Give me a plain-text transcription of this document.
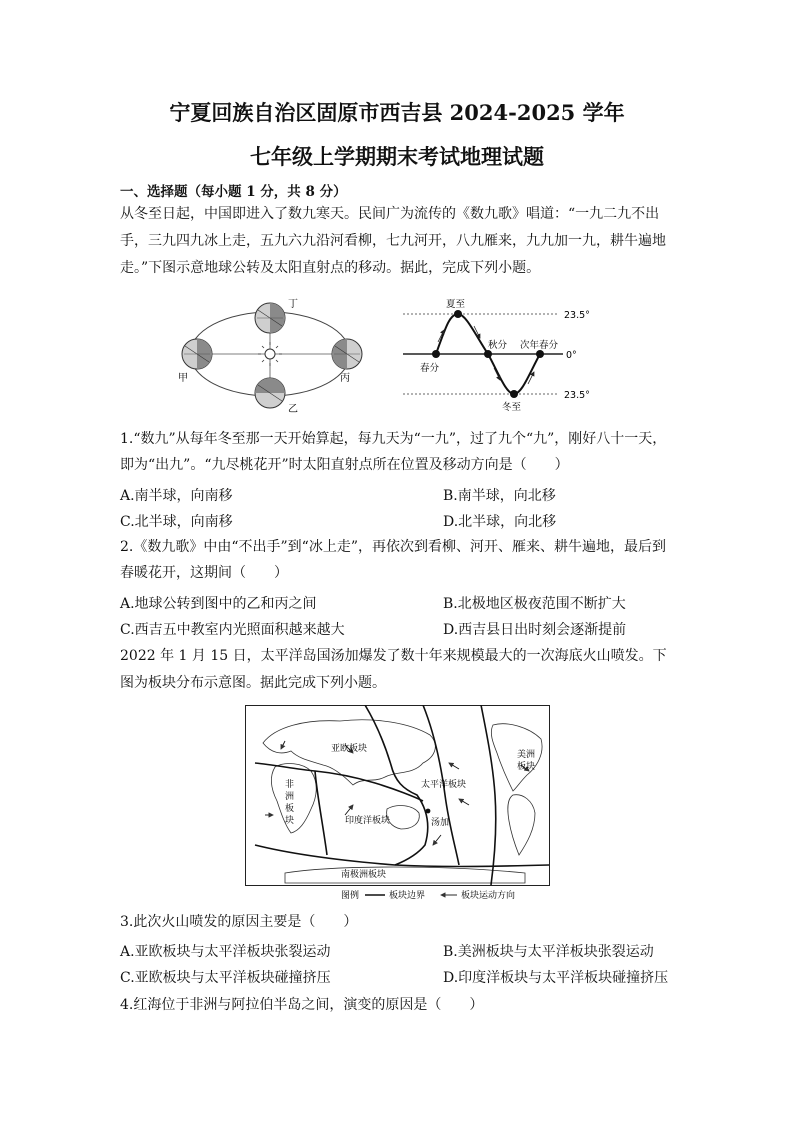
宁夏回族自治区固原市西吉县 2024-2025 学年
七年级上学期期末考试地理试题
一、选择题（每小题 1 分，共 8 分）
从冬至日起，中国即进入了数九寒天。民间广为流传的《数九歌》唱道：“一九二九不出手，三九四九冰上走，五九六九沿河看柳，七九河开，八九雁来，九九加一九，耕牛遍地走。”下图示意地球公转及太阳直射点的移动。据此，完成下列小题。
丁
甲
乙
丙
夏至
春分
秋分 次年春分
冬至
23.5°
0°
23.5°
1.“数九”从每年冬至那一天开始算起，每九天为“一九”，过了九个“九”，刚好八十一天，即为“出九”。“九尽桃花开”时太阳直射点所在位置及移动方向是（　　）
A.南半球，向南移	B.南半球，向北移
C.北半球，向南移	D.北半球，向北移
2.《数九歌》中由“不出手”到“冰上走”，再依次到看柳、河开、雁来、耕牛遍地，最后到春暖花开，这期间（　　）
A.地球公转到图中的乙和丙之间	B.北极地区极夜范围不断扩大
C.西吉五中教室内光照面积越来越大	D.西吉县日出时刻会逐渐提前
2022 年 1 月 15 日，太平洋岛国汤加爆发了数十年来规模最大的一次海底火山喷发。下图为板块分布示意图。据此完成下列小题。
亚欧板块
非
洲
板
块
太平洋板块
美洲
板块
印度洋板块	汤加
南极洲板块
图例	板块边界	板块运动方向
3.此次火山喷发的原因主要是（　　）
A.亚欧板块与太平洋板块张裂运动	B.美洲板块与太平洋板块张裂运动
C.亚欧板块与太平洋板块碰撞挤压	D.印度洋板块与太平洋板块碰撞挤压
4.红海位于非洲与阿拉伯半岛之间，演变的原因是（　　）
